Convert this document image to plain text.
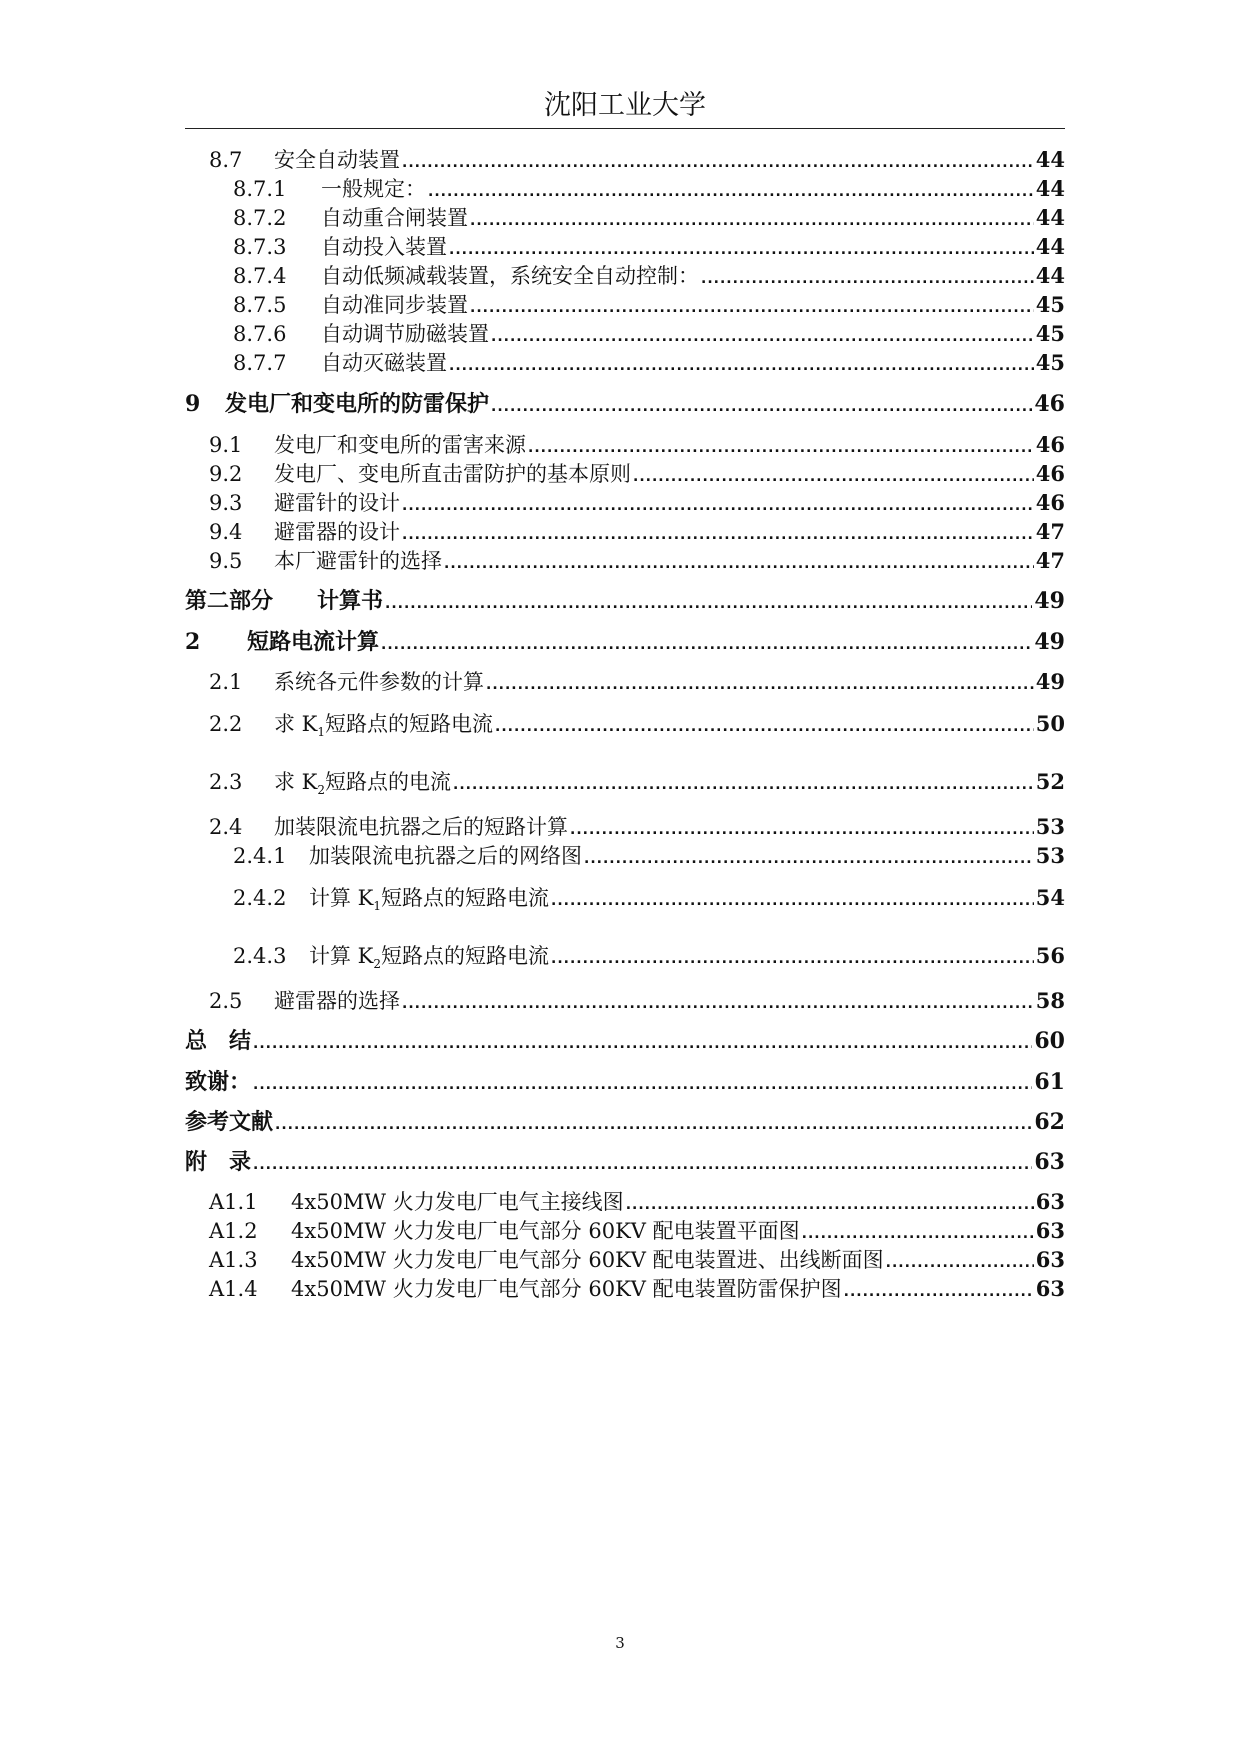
沈阳工业大学
8.7	安全自动装置 .....	44
8.7.1	一般规定： .....	44
8.7.2	自动重合闸装置 .....	44
8.7.3	自动投入装置 .....	44
8.7.4	自动低频减载装置，系统安全自动控制： .....	44
8.7.5	自动准同步装置 .....	45
8.7.6	自动调节励磁装置 .....	45
8.7.7	自动灭磁装置 .....	45
9	发电厂和变电所的防雷保护 .....	46
9.1	发电厂和变电所的雷害来源 .....	46
9.2	发电厂、变电所直击雷防护的基本原则 .....	46
9.3	避雷针的设计 .....	46
9.4	避雷器的设计 .....	47
9.5	本厂避雷针的选择 .....	47
第二部分　　计算书 .....	49
2	　短路电流计算 .....	49
2.1	系统各元件参数的计算 .....	49
2.2	求 $K_1$短路点的短路电流 .....	50
2.3	求 $K_2$短路点的电流 .....	52
2.4	加装限流电抗器之后的短路计算 .....	53
2.4.1	加装限流电抗器之后的网络图 .....	53
2.4.2	计算 $K_1$短路点的短路电流 .....	54
2.4.3	计算 $K_2$短路点的短路电流 .....	56
2.5	避雷器的选择 .....	58
总　结 .....	60
致谢： .....	61
参考文献 .....	62
附　录 .....	63
A1.1	4x50MW 火力发电厂电气主接线图 .....	63
A1.2	4x50MW 火力发电厂电气部分 60KV 配电装置平面图 .....	63
A1.3	4x50MW 火力发电厂电气部分 60KV 配电装置进、出线断面图 .....	63
A1.4	4x50MW 火力发电厂电气部分 60KV 配电装置防雷保护图 .....	63
3
